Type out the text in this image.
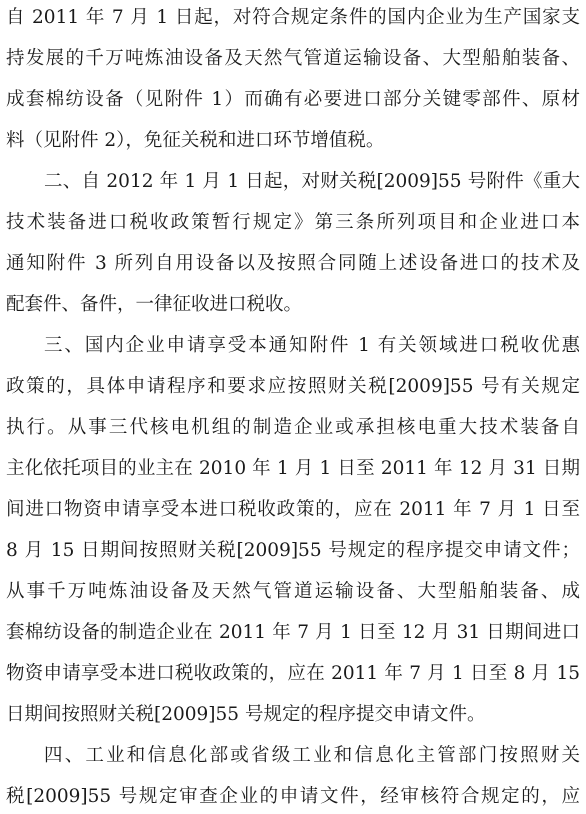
自 2011 年 7 月 1 日起，对符合规定条件的国内企业为生产国家支
持发展的千万吨炼油设备及天然气管道运输设备、大型船舶装备、
成套棉纺设备（见附件 1）而确有必要进口部分关键零部件、原材
料（见附件 2），免征关税和进口环节增值税。
二、自 2012 年 1 月 1 日起，对财关税[2009]55 号附件《重大
技术装备进口税收政策暂行规定》第三条所列项目和企业进口本
通知附件 3 所列自用设备以及按照合同随上述设备进口的技术及
配套件、备件，一律征收进口税收。
三、国内企业申请享受本通知附件 1 有关领域进口税收优惠
政策的，具体申请程序和要求应按照财关税[2009]55 号有关规定
执行。从事三代核电机组的制造企业或承担核电重大技术装备自
主化依托项目的业主在 2010 年 1 月 1 日至 2011 年 12 月 31 日期
间进口物资申请享受本进口税收政策的，应在 2011 年 7 月 1 日至
8 月 15 日期间按照财关税[2009]55 号规定的程序提交申请文件；
从事千万吨炼油设备及天然气管道运输设备、大型船舶装备、成
套棉纺设备的制造企业在 2011 年 7 月 1 日至 12 月 31 日期间进口
物资申请享受本进口税收政策的，应在 2011 年 7 月 1 日至 8 月 15
日期间按照财关税[2009]55 号规定的程序提交申请文件。
四、工业和信息化部或省级工业和信息化主管部门按照财关
税[2009]55 号规定审查企业的申请文件，经审核符合规定的，应
